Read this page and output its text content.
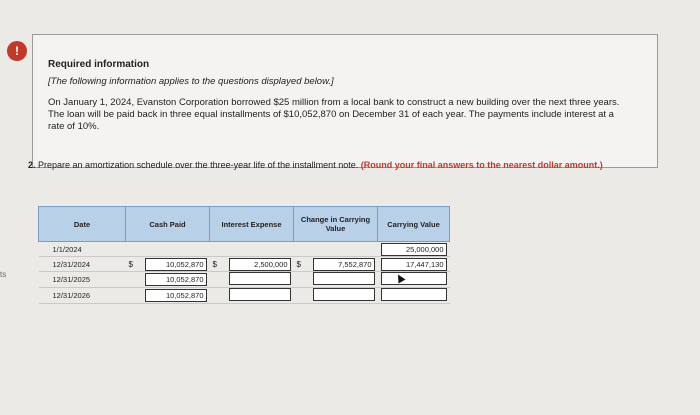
ts
!
Required information
[The following information applies to the questions displayed below.]
On January 1, 2024, Evanston Corporation borrowed $25 million from a local bank to construct a new building over the next three years. The loan will be paid back in three equal installments of $10,052,870 on December 31 of each year. The payments include interest at a rate of 10%.
2. Prepare an amortization schedule over the three-year life of the installment note. (Round your final answers to the nearest dollar amount.)
Date	Cash Paid		Interest Expense		Change in Carrying Value		Carrying Value
1/1/2024							25,000,000
12/31/2024	$	10,052,870	$	2,500,000	$	7,552,870	17,447,130
12/31/2025		10,052,870					
12/31/2026		10,052,870					
